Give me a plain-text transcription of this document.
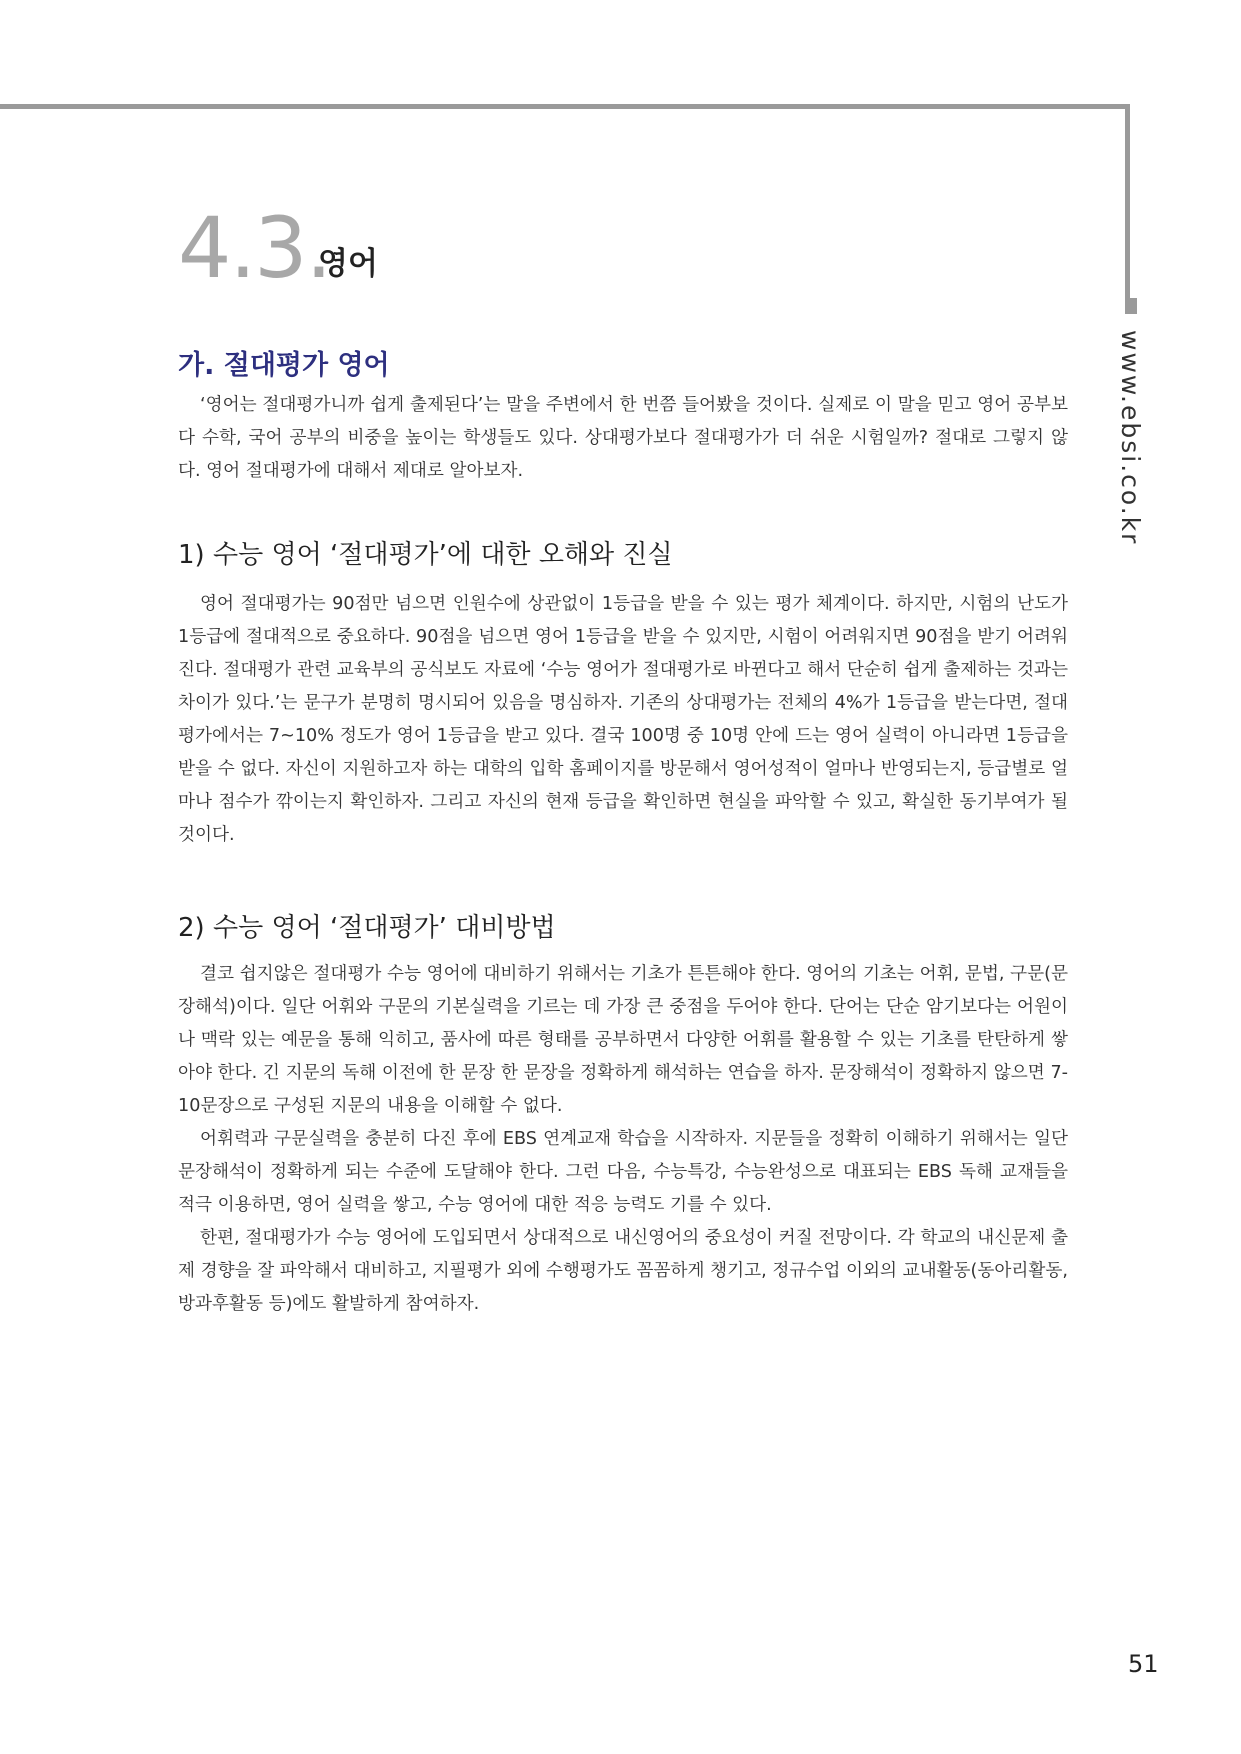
www.ebsi.co.kr
4.3.
영어
가. 절대평가 영어

‘영어는 절대평가니까 쉽게 출제된다’는 말을 주변에서 한 번쯤 들어봤을 것이다. 실제로 이 말을 믿고 영어 공부보다 수학, 국어 공부의 비중을 높이는 학생들도 있다. 상대평가보다 절대평가가 더 쉬운 시험일까? 절대로 그렇지 않다. 영어 절대평가에 대해서 제대로 알아보자.

1) 수능 영어 ‘절대평가’에 대한 오해와 진실

영어 절대평가는 90점만 넘으면 인원수에 상관없이 1등급을 받을 수 있는 평가 체계이다. 하지만, 시험의 난도가 1등급에 절대적으로 중요하다. 90점을 넘으면 영어 1등급을 받을 수 있지만, 시험이 어려워지면 90점을 받기 어려워진다. 절대평가 관련 교육부의 공식보도 자료에 ‘수능 영어가 절대평가로 바뀐다고 해서 단순히 쉽게 출제하는 것과는 차이가 있다.’는 문구가 분명히 명시되어 있음을 명심하자. 기존의 상대평가는 전체의 4%가 1등급을 받는다면, 절대평가에서는 7~10% 정도가 영어 1등급을 받고 있다. 결국 100명 중 10명 안에 드는 영어 실력이 아니라면 1등급을 받을 수 없다. 자신이 지원하고자 하는 대학의 입학 홈페이지를 방문해서 영어성적이 얼마나 반영되는지, 등급별로 얼마나 점수가 깎이는지 확인하자. 그리고 자신의 현재 등급을 확인하면 현실을 파악할 수 있고, 확실한 동기부여가 될 것이다.

2) 수능 영어 ‘절대평가’ 대비방법

결코 쉽지않은 절대평가 수능 영어에 대비하기 위해서는 기초가 튼튼해야 한다. 영어의 기초는 어휘, 문법, 구문(문장해석)이다. 일단 어휘와 구문의 기본실력을 기르는 데 가장 큰 중점을 두어야 한다. 단어는 단순 암기보다는 어원이나 맥락 있는 예문을 통해 익히고, 품사에 따른 형태를 공부하면서 다양한 어휘를 활용할 수 있는 기초를 탄탄하게 쌓아야 한다. 긴 지문의 독해 이전에 한 문장 한 문장을 정확하게 해석하는 연습을 하자. 문장해석이 정확하지 않으면 7-10문장으로 구성된 지문의 내용을 이해할 수 없다.

어휘력과 구문실력을 충분히 다진 후에 EBS 연계교재 학습을 시작하자. 지문들을 정확히 이해하기 위해서는 일단 문장해석이 정확하게 되는 수준에 도달해야 한다. 그런 다음, 수능특강, 수능완성으로 대표되는 EBS 독해 교재들을 적극 이용하면, 영어 실력을 쌓고, 수능 영어에 대한 적응 능력도 기를 수 있다.

한편, 절대평가가 수능 영어에 도입되면서 상대적으로 내신영어의 중요성이 커질 전망이다. 각 학교의 내신문제 출제 경향을 잘 파악해서 대비하고, 지필평가 외에 수행평가도 꼼꼼하게 챙기고, 정규수업 이외의 교내활동(동아리활동, 방과후활동 등)에도 활발하게 참여하자.

51
